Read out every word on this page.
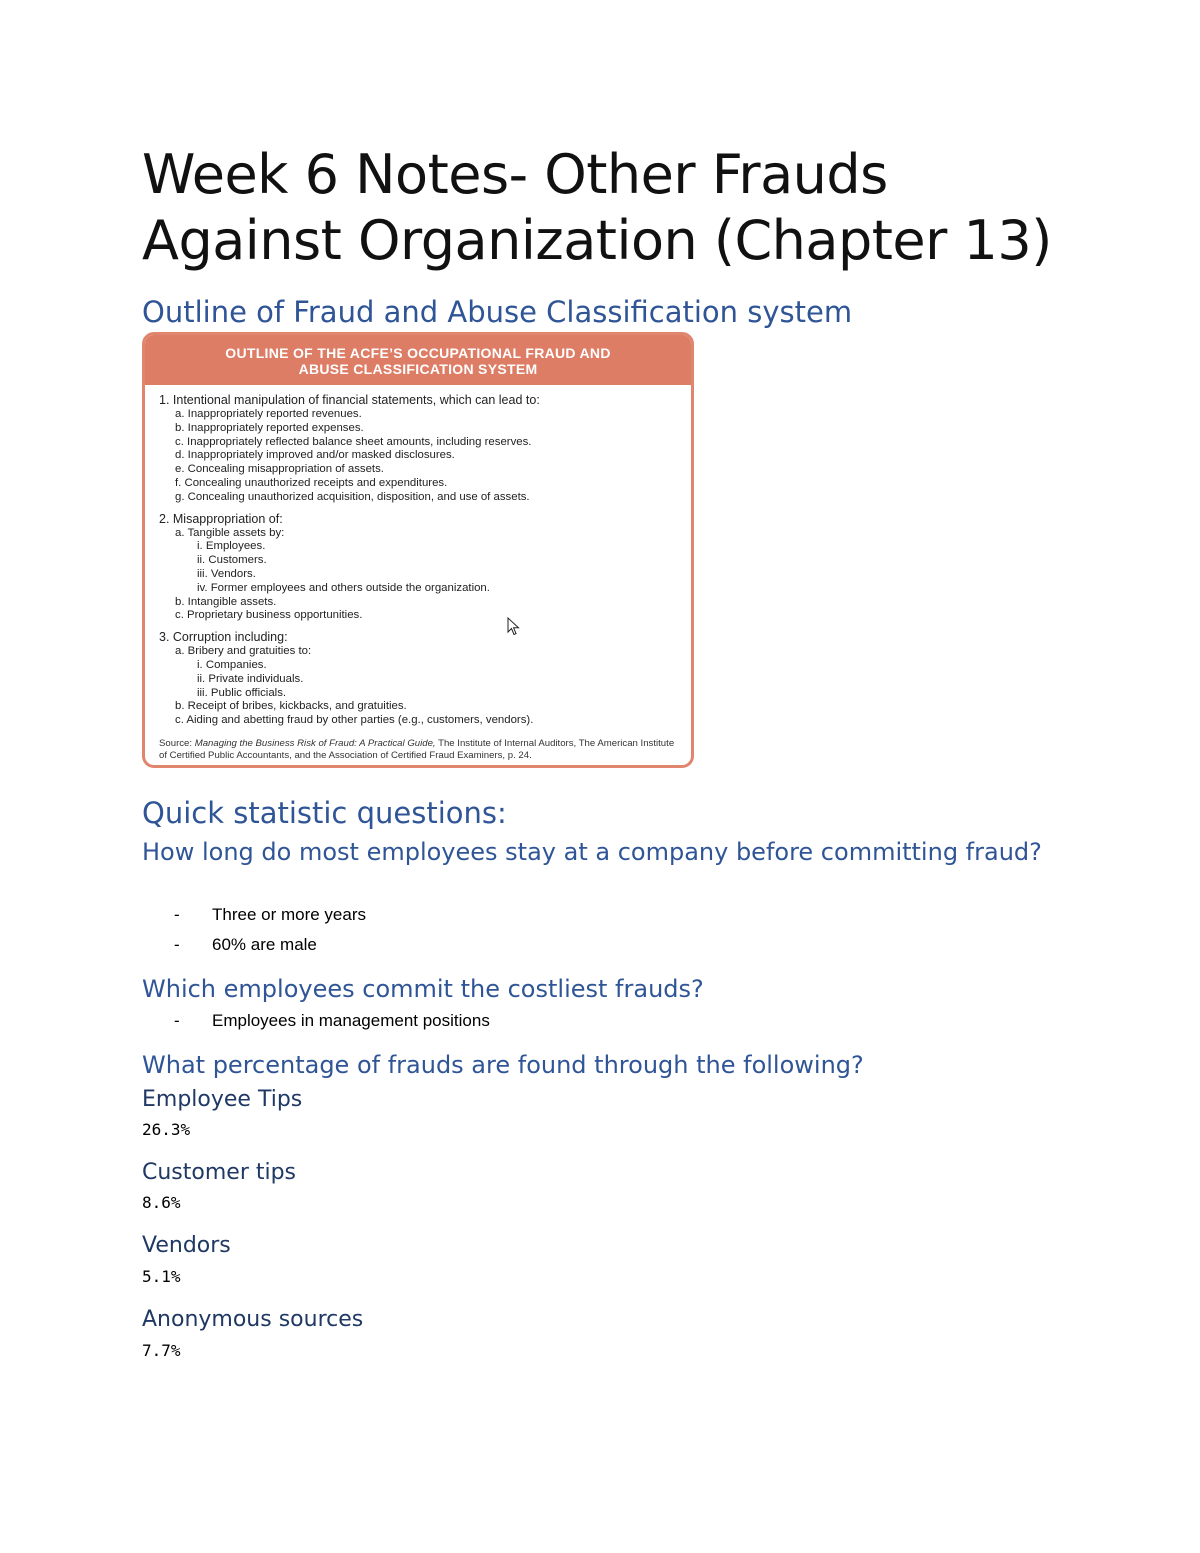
Week 6 Notes- Other Frauds
Against Organization (Chapter 13)
Outline of Fraud and Abuse Classification system
OUTLINE OF THE ACFE’S OCCUPATIONAL FRAUD AND
ABUSE CLASSIFICATION SYSTEM
1. Intentional manipulation of financial statements, which can lead to:
a. Inappropriately reported revenues.
b. Inappropriately reported expenses.
c. Inappropriately reflected balance sheet amounts, including reserves.
d. Inappropriately improved and/or masked disclosures.
e. Concealing misappropriation of assets.
f. Concealing unauthorized receipts and expenditures.
g. Concealing unauthorized acquisition, disposition, and use of assets.
2. Misappropriation of:
a. Tangible assets by:
i. Employees.
ii. Customers.
iii. Vendors.
iv. Former employees and others outside the organization.
b. Intangible assets.
c. Proprietary business opportunities.
3. Corruption including:
a. Bribery and gratuities to:
i. Companies.
ii. Private individuals.
iii. Public officials.
b. Receipt of bribes, kickbacks, and gratuities.
c. Aiding and abetting fraud by other parties (e.g., customers, vendors).
Source: Managing the Business Risk of Fraud: A Practical Guide, The Institute of Internal Auditors, The American Institute of Certified Public Accountants, and the Association of Certified Fraud Examiners, p. 24.
Quick statistic questions:
How long do most employees stay at a company before committing fraud?
- Three or more years
- 60% are male
Which employees commit the costliest frauds?
- Employees in management positions
What percentage of frauds are found through the following?
Employee Tips
26.3%
Customer tips
8.6%
Vendors
5.1%
Anonymous sources
7.7%
